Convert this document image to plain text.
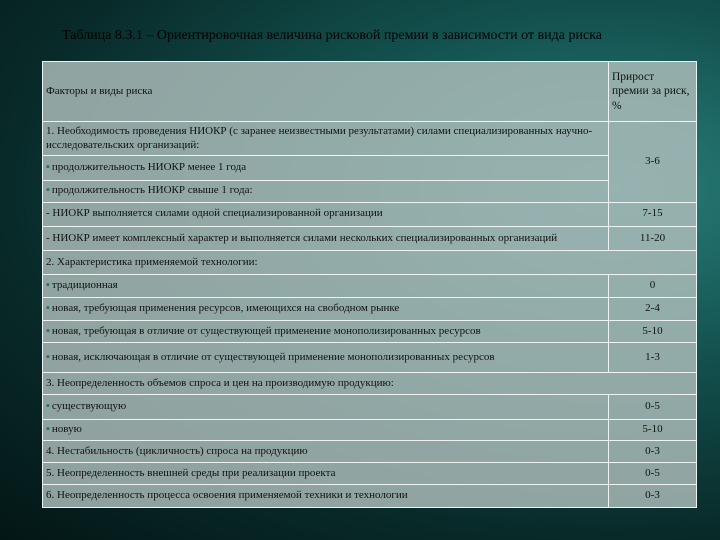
Таблица 8.3.1 – Ориентировочная величина рисковой премии в зависимости от вида риска
Факторы и виды риска	Прирост премии за риск, %
1. Необходимость проведения НИОКР (с заранее неизвестными результатами) силами специализированных научно-исследовательских организаций:	3-6
▪ продолжительность НИОКР менее 1 года	
▪ продолжительность НИОКР свыше 1 года:	
- НИОКР выполняется силами одной специализированной организации	7-15
- НИОКР имеет комплексный характер и выполняется силами нескольких специализированных организаций	11-20
2. Характеристика применяемой технологии:	
▪ традиционная	0
▪ новая, требующая применения ресурсов, имеющихся на свободном рынке	2-4
▪ новая, требующая в отличие от существующей применение монополизированных ресурсов	5-10
▪ новая, исключающая в отличие от существующей применение монополизированных ресурсов	1-3
3. Неопределенность объемов спроса и цен на производимую продукцию:	
▪ существующую	0-5
▪ новую	5-10
4. Нестабильность (цикличность) спроса на продукцию	0-3
5. Неопределенность внешней среды при реализации проекта	0-5
6. Неопределенность процесса освоения применяемой техники и технологии	0-3
